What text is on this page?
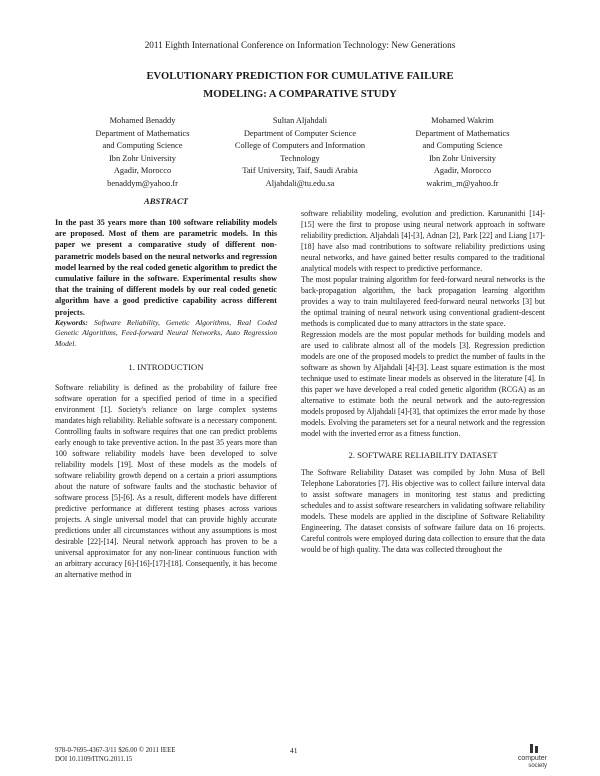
2011 Eighth International Conference on Information Technology: New Generations
EVOLUTIONARY PREDICTION FOR CUMULATIVE FAILURE
MODELING: A COMPARATIVE STUDY
Mohamed Benaddy
Department of Mathematics
and Computing Science
Ibn Zohr University
Agadir, Morocco
benaddym@yahoo.fr
Sultan Aljahdali
Department of Computer Science
College of Computers and Information
Technology
Taif University, Taif, Saudi Arabia
Aljahdali@tu.edu.sa
Mohamed Wakrim
Department of Mathematics
and Computing Science
Ibn Zohr University
Agadir, Morocco
wakrim_m@yahoo.fr
ABSTRACT

In the past 35 years more than 100 software reliability models are proposed. Most of them are parametric models. In this paper we present a comparative study of different non-parametric models based on the neural networks and regression model learned by the real coded genetic algorithm to predict the cumulative failure in the software. Experimental results show that the training of different models by our real coded genetic algorithm have a good predictive capability across different projects.

Keywords: Software Reliability, Genetic Algorithms, Real Coded Genetic Algorithms, Feed-forward Neural Networks, Auto Regression Model.

1. INTRODUCTION

Software reliability is defined as the probability of failure free software operation for a specified period of time in a specified environment [1]. Society's reliance on large complex systems mandates high reliability. Reliable software is a necessary component. Controlling faults in software requires that one can predict problems early enough to take preventive action. In the past 35 years more than 100 software reliability models have been developed to solve reliability models [19]. Most of these models as the models of software reliability growth depend on a certain a priori assumptions about the nature of software faults and the stochastic behavior of software process [5]-[6]. As a result, different models have different predictive performance at different testing phases across various projects. A single universal model that can provide highly accurate predictions under all circumstances without any assumptions is most desirable [22]-[14]. Neural network approach has proven to be a universal approximator for any non-linear continuous function with an arbitrary accuracy [6]-[16]-[17]-[18]. Consequently, it has become an alternative method in

software reliability modeling, evolution and prediction. Karunanithi [14]-[15] were the first to propose using neural network approach in software reliability prediction. Aljahdali [4]-[3], Adnan [2], Park [22] and Liang [17]-[18] have also mad contributions to software reliability predictions using neural networks, and have gained better results compared to the traditional analytical models with respect to predictive performance.

The most popular training algorithm for feed-forward neural networks is the back-propagation algorithm, the back propagation learning algorithm provides a way to train multilayered feed-forward neural networks [3] but the optimal training of neural network using conventional gradient-descent methods is complicated due to many attractors in the state space.

Regression models are the most popular methods for building models and are used to calibrate almost all of the models [3]. Regression prediction models are one of the proposed models to predict the number of faults in the software as shown by Aljahdali [4]-[3]. Least square estimation is the most technique used to estimate linear models as observed in the literature [4]. In this paper we have developed a real coded genetic algorithm (RCGA) as an alternative to estimate both the neural network and the auto-regression models proposed by Aljahdali [4]-[3], that optimizes the error made by those models. Evolving the parameters set for a neural network and the regression model with the inverted error as a fitness function.

2. SOFTWARE RELIABILITY DATASET

The Software Reliability Dataset was compiled by John Musa of Bell Telephone Laboratories [7]. His objective was to collect failure interval data to assist software managers in monitoring test status and predicting schedules and to assist software researchers in validating software reliability models. These models are applied in the discipline of Software Reliability Engineering. The dataset consists of software failure data on 16 projects. Careful controls were employed during data collection to ensure that the data would be of high quality. The data was collected throughout the

978-0-7695-4367-3/11 $26.00 © 2011 IEEE
DOI 10.1109/ITNG.2011.15
41
computer
society
